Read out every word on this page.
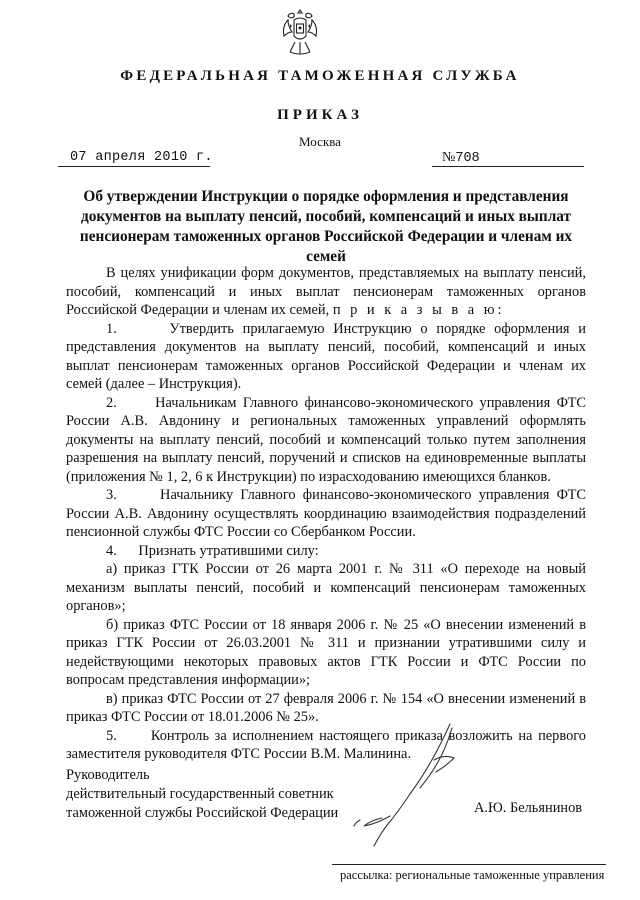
ФЕДЕРАЛЬНАЯ ТАМОЖЕННАЯ СЛУЖБА
ПРИКАЗ
Москва
07 апреля 2010 г.	№708
Об утверждении Инструкции о порядке оформления и представления документов на выплату пенсий, пособий, компенсаций и иных выплат пенсионерам таможенных органов Российской Федерации и членам их семей

В целях унификации форм документов, представляемых на выплату пенсий, пособий, компенсаций и иных выплат пенсионерам таможенных органов Российской Федерации и членам их семей, п р и к а з ы в а ю:

1.      Утвердить прилагаемую Инструкцию о порядке оформления и представления документов на выплату пенсий, пособий, компенсаций и иных выплат пенсионерам таможенных органов Российской Федерации и членам их семей (далее – Инструкция).

2.      Начальникам Главного финансово-экономического управления ФТС России А.В. Авдонину и региональных таможенных управлений оформлять документы на выплату пенсий, пособий и компенсаций только путем заполнения разрешения на выплату пенсий, поручений и списков на единовременные выплаты (приложения № 1, 2, 6 к Инструкции) по израсходованию имеющихся бланков.

3.      Начальнику Главного финансово-экономического управления ФТС России А.В. Авдонину осуществлять координацию взаимодействия подразделений пенсионной службы ФТС России со Сбербанком России.

4.      Признать утратившими силу:

а) приказ ГТК России от 26 марта 2001 г. № 311 «О переходе на новый механизм выплаты пенсий, пособий и компенсаций пенсионерам таможенных органов»;

б) приказ ФТС России от 18 января 2006 г. № 25 «О внесении изменений в приказ ГТК России от 26.03.2001 № 311 и признании утратившими силу и недействующими некоторых правовых актов ГТК России и ФТС России по вопросам представления информации»;

в) приказ ФТС России от 27 февраля 2006 г. № 154 «О внесении изменений в приказ ФТС России от 18.01.2006 № 25».

5.      Контроль за исполнением настоящего приказа возложить на первого заместителя руководителя ФТС России В.М. Малинина.

Руководитель
действительный государственный советник
таможенной службы Российской Федерации	А.Ю. Бельянинов
рассылка: региональные таможенные управления
